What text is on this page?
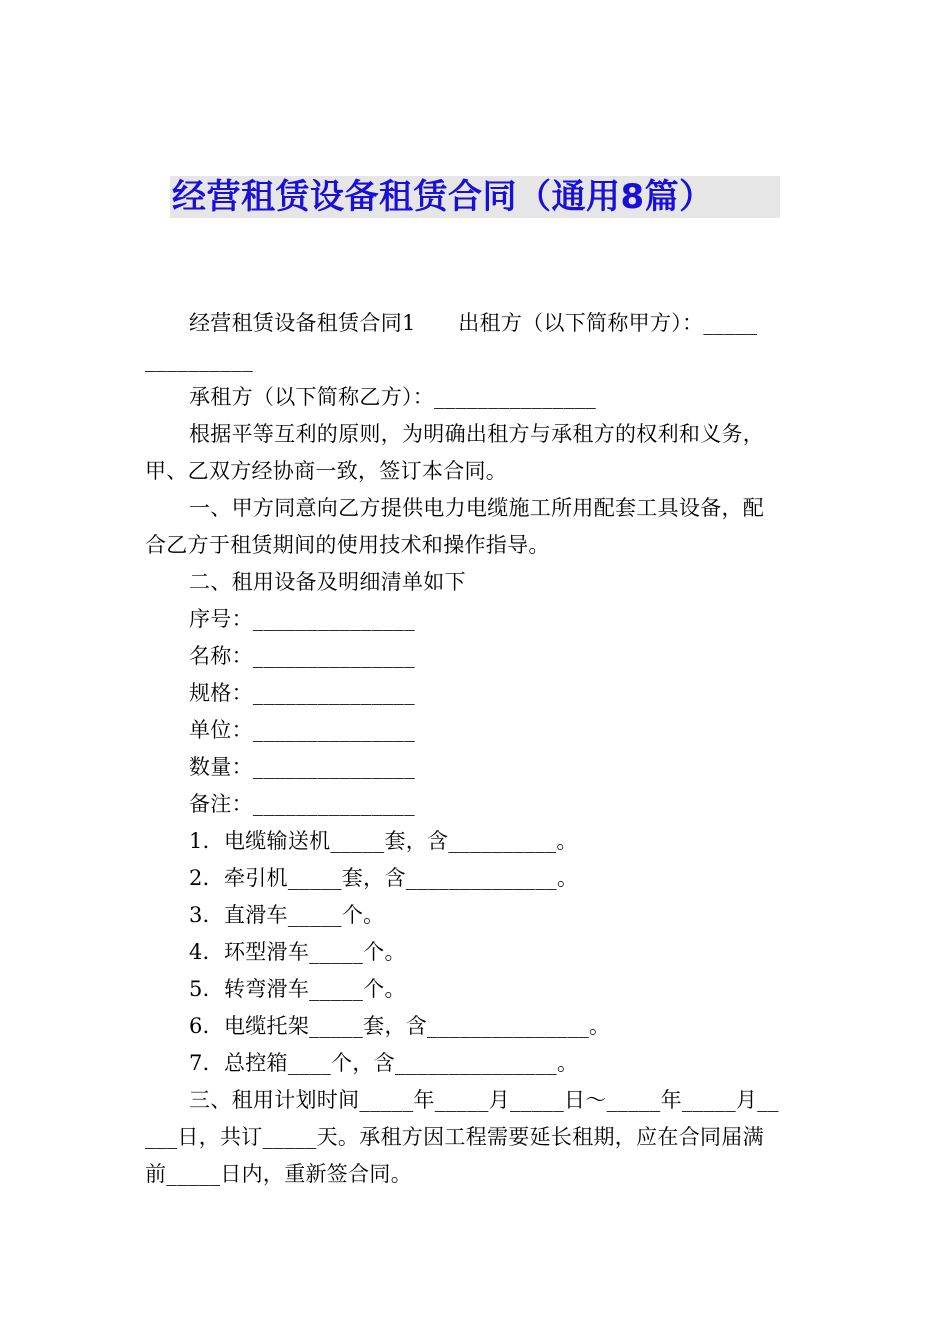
经营租赁设备租赁合同（通用8篇）
经营租赁设备租赁合同1　　出租方（以下简称甲方）：_____
__________
承租方（以下简称乙方）：_______________
根据平等互利的原则，为明确出租方与承租方的权利和义务，
甲、乙双方经协商一致，签订本合同。
一、甲方同意向乙方提供电力电缆施工所用配套工具设备，配
合乙方于租赁期间的使用技术和操作指导。
二、租用设备及明细清单如下
序号：_______________
名称：_______________
规格：_______________
单位：_______________
数量：_______________
备注：_______________
1．电缆输送机_____套，含__________。
2．牵引机_____套，含______________。
3．直滑车_____个。
4．环型滑车_____个。
5．转弯滑车_____个。
6．电缆托架_____套，含_______________。
7．总控箱____个，含_______________。
三、租用计划时间_____年_____月_____日～_____年_____月__
___日，共订_____天。承租方因工程需要延长租期，应在合同届满
前_____日内，重新签合同。
